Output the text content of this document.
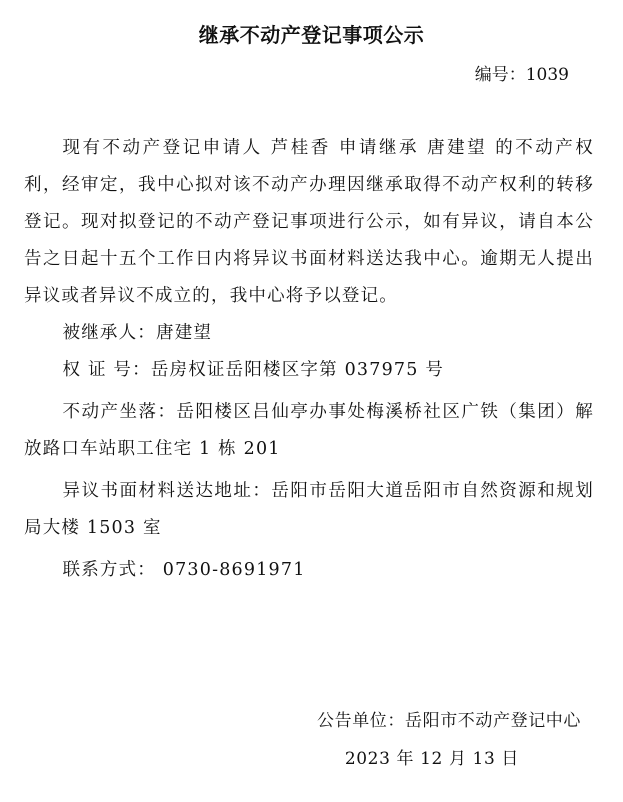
继承不动产登记事项公示
编号：1039

现有不动产登记申请人 芦桂香 申请继承 唐建望 的不动产权利，经审定，我中心拟对该不动产办理因继承取得不动产权利的转移登记。现对拟登记的不动产登记事项进行公示，如有异议，请自本公告之日起十五个工作日内将异议书面材料送达我中心。逾期无人提出异议或者异议不成立的，我中心将予以登记。

被继承人：唐建望

权 证 号：岳房权证岳阳楼区字第 037975 号

不动产坐落：岳阳楼区吕仙亭办事处梅溪桥社区广铁（集团）解放路口车站职工住宅 1 栋 201

异议书面材料送达地址：岳阳市岳阳大道岳阳市自然资源和规划局大楼 1503 室

联系方式： 0730-8691971

公告单位：岳阳市不动产登记中心
2023 年 12 月 13 日
